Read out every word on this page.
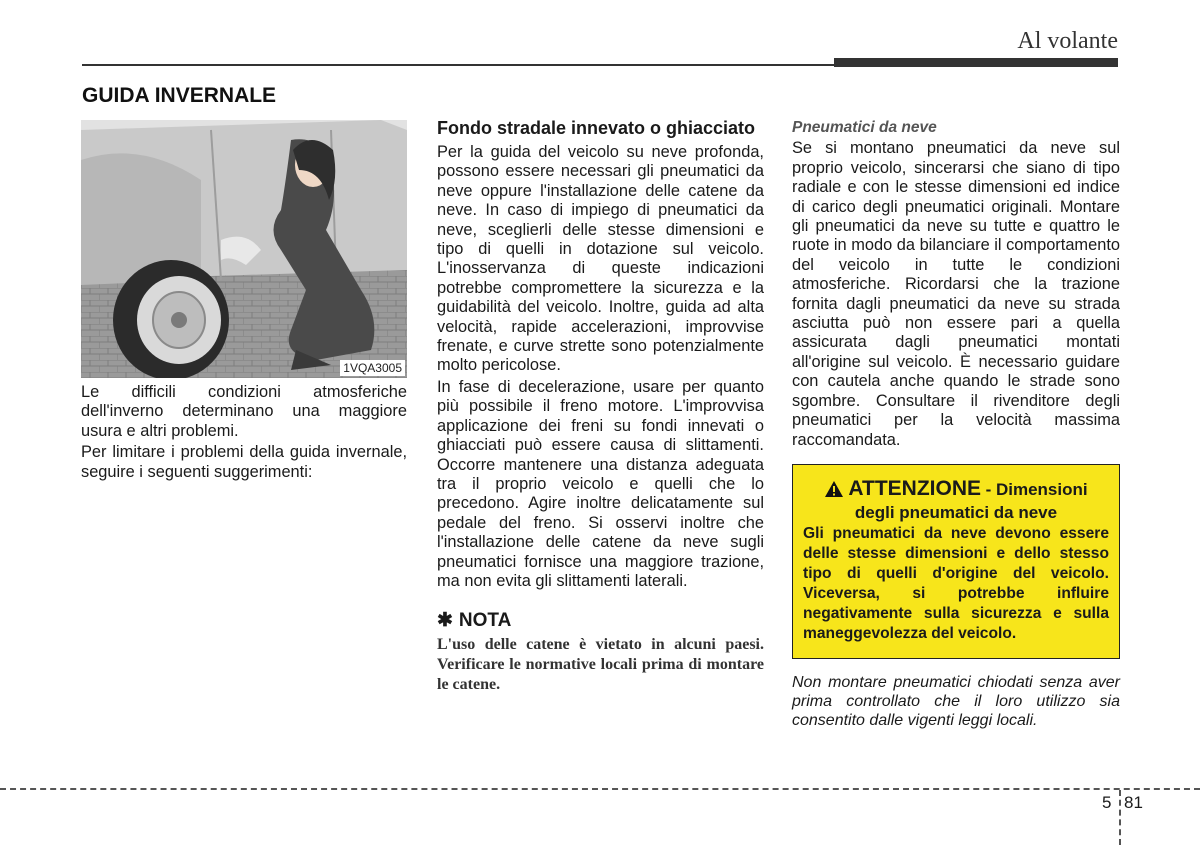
Al volante
GUIDA INVERNALE
1VQA3005

Le difficili condizioni atmosferiche dell'inverno determinano una maggiore usura e altri problemi.

Per limitare i problemi della guida invernale, seguire i seguenti suggerimenti:

Fondo stradale innevato o ghiacciato

Per la guida del veicolo su neve profonda, possono essere necessari gli pneumatici da neve oppure l'installazione delle catene da neve. In caso di impiego di pneumatici da neve, sceglierli delle stesse dimensioni e tipo di quelli in dotazione sul veicolo. L'inosservanza di queste indicazioni potrebbe compromettere la sicurezza e la guidabilità del veicolo. Inoltre, guida ad alta velocità, rapide accelerazioni, improvvise frenate, e curve strette sono potenzialmente molto pericolose.

In fase di decelerazione, usare per quanto più possibile il freno motore. L'improvvisa applicazione dei freni su fondi innevati o ghiacciati può essere causa di slittamenti. Occorre mantenere una distanza adeguata tra il proprio veicolo e quelli che lo precedono. Agire inoltre delicatamente sul pedale del freno. Si osservi inoltre che l'installazione delle catene da neve sugli pneumatici fornisce una maggiore trazione, ma non evita gli slittamenti laterali.

✱ NOTA

L'uso delle catene è vietato in alcuni paesi. Verificare le normative locali prima di montare le catene.

Pneumatici da neve

Se si montano pneumatici da neve sul proprio veicolo, sincerarsi che siano di tipo radiale e con le stesse dimensioni ed indice di carico degli pneumatici originali. Montare gli pneumatici da neve su tutte e quattro le ruote in modo da bilanciare il comportamento del veicolo in tutte le condizioni atmosferiche. Ricordarsi che la trazione fornita dagli pneumatici da neve su strada asciutta può non essere pari a quella assicurata dagli pneumatici montati all'origine sul veicolo. È necessario guidare con cautela anche quando le strade sono sgombre. Consultare il rivenditore degli pneumatici per la velocità massima raccomandata.

ATTENZIONE - Dimensioni
degli pneumatici da neve

Gli pneumatici da neve devono essere delle stesse dimensioni e dello stesso tipo di quelli d'origine del veicolo. Viceversa, si potrebbe influire negativamente sulla sicurezza e sulla maneggevolezza del veicolo.

Non montare pneumatici chiodati senza aver prima controllato che il loro utilizzo sia consentito dalle vigenti leggi locali.

5 81
